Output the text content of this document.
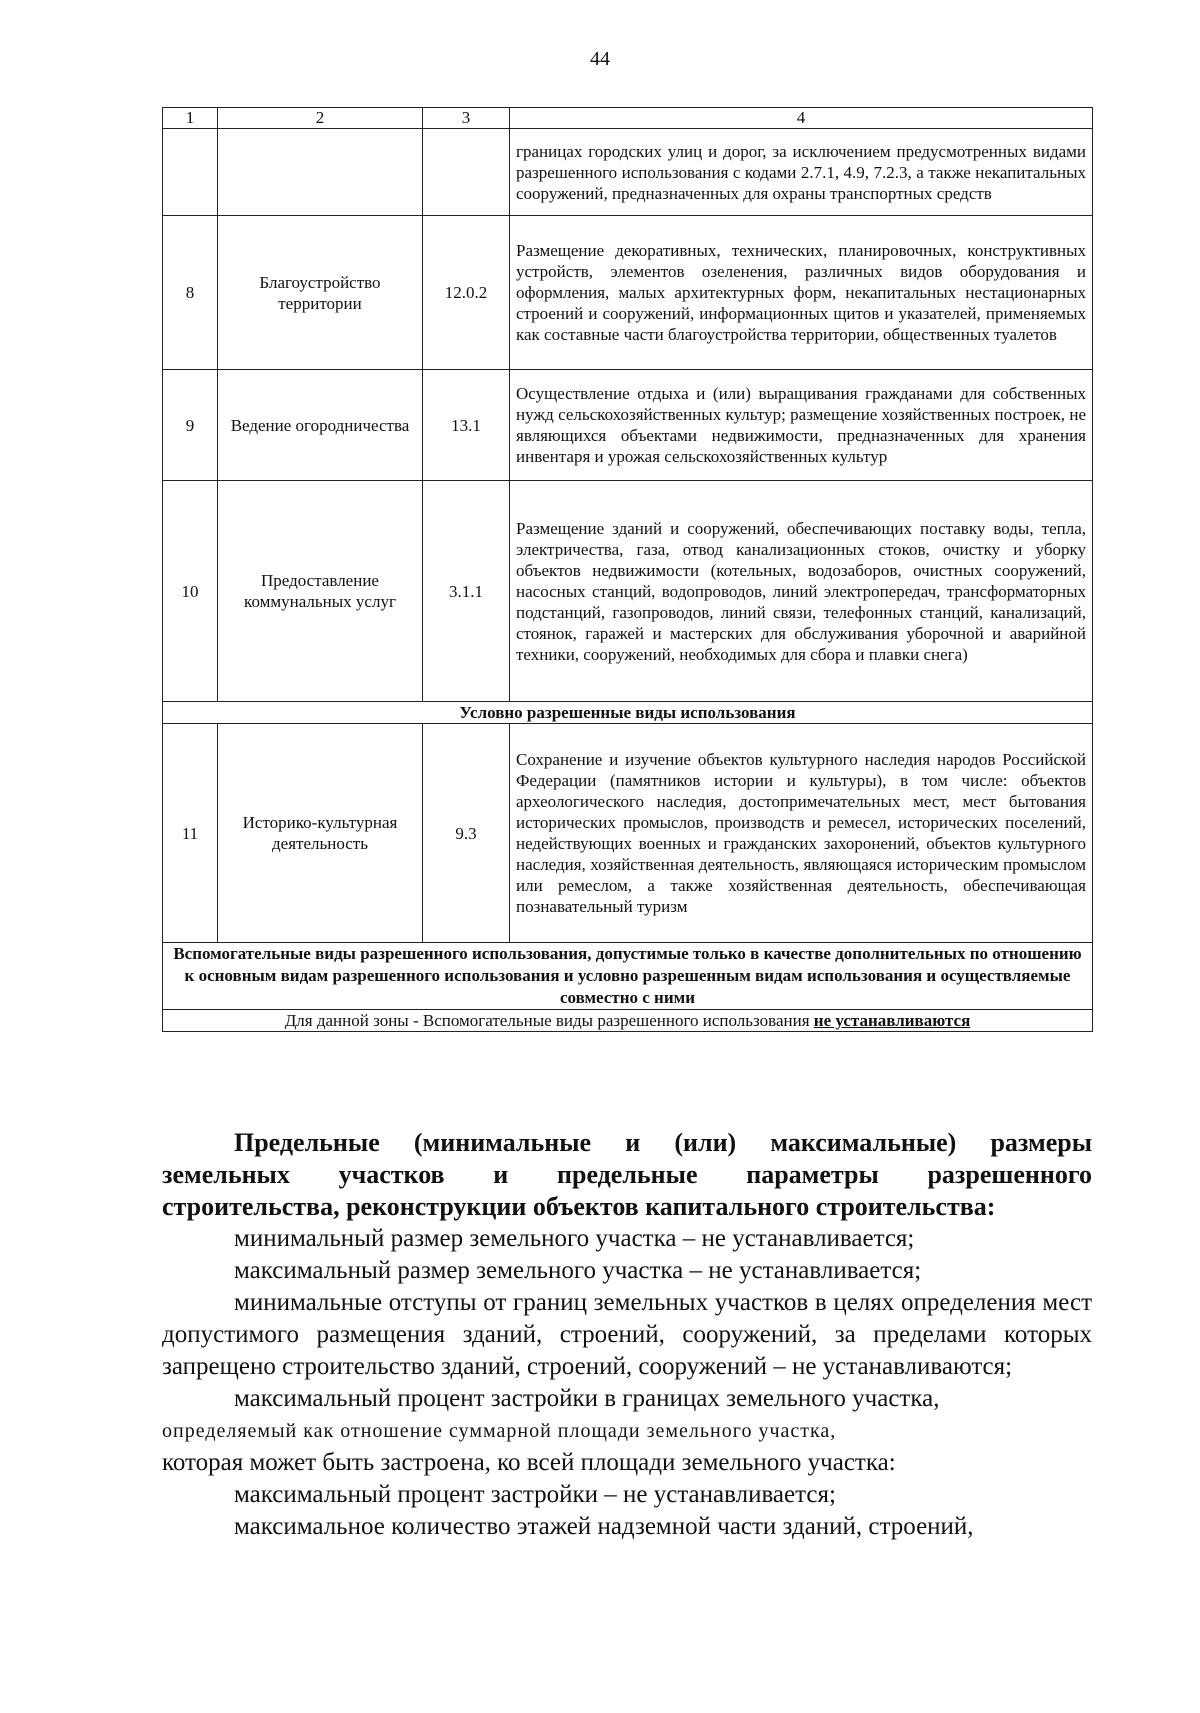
44
1	2	3	4
			границах городских улиц и дорог, за исключением предусмотренных видами разрешенного использования с кодами 2.7.1, 4.9, 7.2.3, а также некапитальных сооружений, предназначенных для охраны транспортных средств
8	Благоустройство территории	12.0.2	Размещение декоративных, технических, планировочных, конструктивных устройств, элементов озеленения, различных видов оборудования и оформления, малых архитектурных форм, некапитальных нестационарных строений и сооружений, информационных щитов и указателей, применяемых как составные части благоустройства территории, общественных туалетов
9	Ведение огородничества	13.1	Осуществление отдыха и (или) выращивания гражданами для собственных нужд сельскохозяйственных культур; размещение хозяйственных построек, не являющихся объектами недвижимости, предназначенных для хранения инвентаря и урожая сельскохозяйственных культур
10	Предоставление коммунальных услуг	3.1.1	Размещение зданий и сооружений, обеспечивающих поставку воды, тепла, электричества, газа, отвод канализационных стоков, очистку и уборку объектов недвижимости (котельных, водозаборов, очистных сооружений, насосных станций, водопроводов, линий электропередач, трансформаторных подстанций, газопроводов, линий связи, телефонных станций, канализаций, стоянок, гаражей и мастерских для обслуживания уборочной и аварийной техники, сооружений, необходимых для сбора и плавки снега)
Условно разрешенные виды использования			
11	Историко-культурная деятельность	9.3	Сохранение и изучение объектов культурного наследия народов Российской Федерации (памятников истории и культуры), в том числе: объектов археологического наследия, достопримечательных мест, мест бытования исторических промыслов, производств и ремесел, исторических поселений, недействующих военных и гражданских захоронений, объектов культурного наследия, хозяйственная деятельность, являющаяся историческим промыслом или ремеслом, а также хозяйственная деятельность, обеспечивающая познавательный туризм
Вспомогательные виды разрешенного использования, допустимые только в качестве дополнительных по отношению к основным видам разрешенного использования и условно разрешенным видам использования и осуществляемые совместно с ними			
Для данной зоны - Вспомогательные виды разрешенного использования не устанавливаются			

Предельные (минимальные и (или) максимальные) размеры
земельных участков и предельные параметры разрешенного
строительства, реконструкции объектов капитального строительства:

минимальный размер земельного участка – не устанавливается;

максимальный размер земельного участка – не устанавливается;

минимальные отступы от границ земельных участков в целях определения мест допустимого размещения зданий, строений, сооружений, за пределами которых запрещено строительство зданий, строений, сооружений – не устанавливаются;

максимальный процент застройки в границах земельного участка,

определяемый как отношение суммарной площади земельного участка,

которая может быть застроена, ко всей площади земельного участка:

максимальный процент застройки – не устанавливается;

максимальное количество этажей надземной части зданий, строений,
